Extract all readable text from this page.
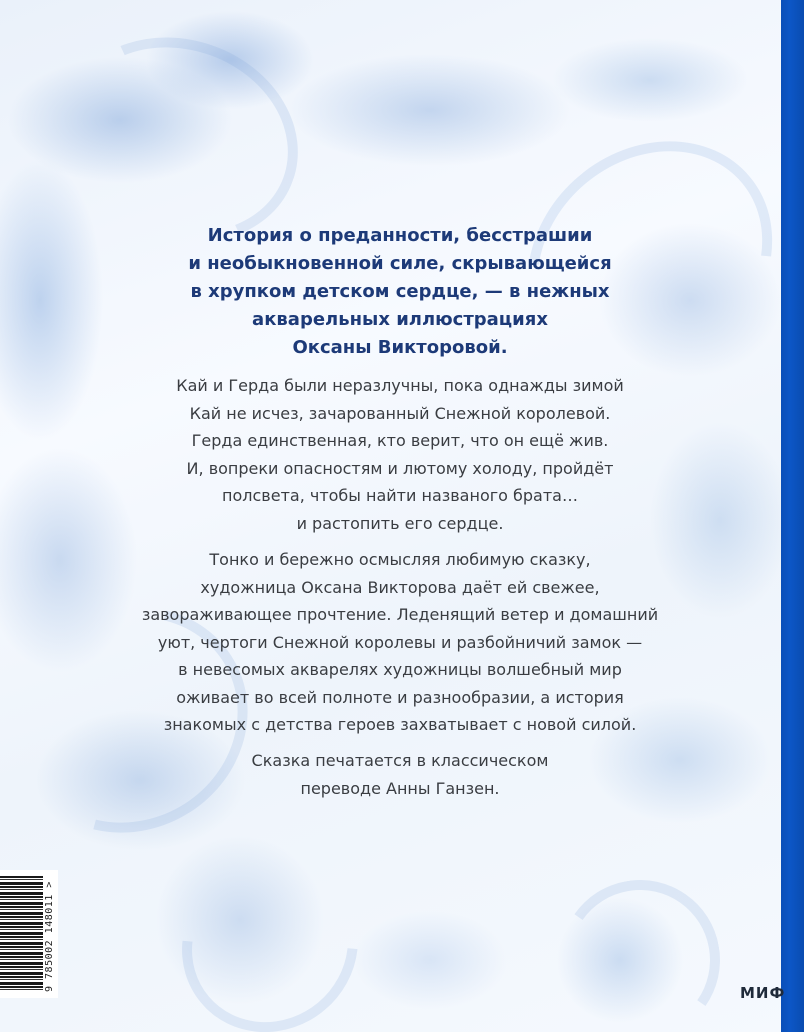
История о преданности, бесстрашии
и необыкновенной силе, скрывающейся
в хрупком детском сердце, — в нежных
акварельных иллюстрациях
Оксаны Викторовой.
Кай и Герда были неразлучны, пока однажды зимой
Кай не исчез, зачарованный Снежной королевой.
Герда единственная, кто верит, что он ещё жив.
И, вопреки опасностям и лютому холоду, пройдёт
полсвета, чтобы найти названого брата…
и растопить его сердце.
Тонко и бережно осмысляя любимую сказку,
художница Оксана Викторова даёт ей свежее,
завораживающее прочтение. Леденящий ветер и домашний
уют, чертоги Снежной королевы и разбойничий замок —
в невесомых акварелях художницы волшебный мир
оживает во всей полноте и разнообразии, а история
знакомых с детства героев захватывает с новой силой.
Сказка печатается в классическом
переводе Анны Ганзен.
9 785002 148011 >
МИФ
